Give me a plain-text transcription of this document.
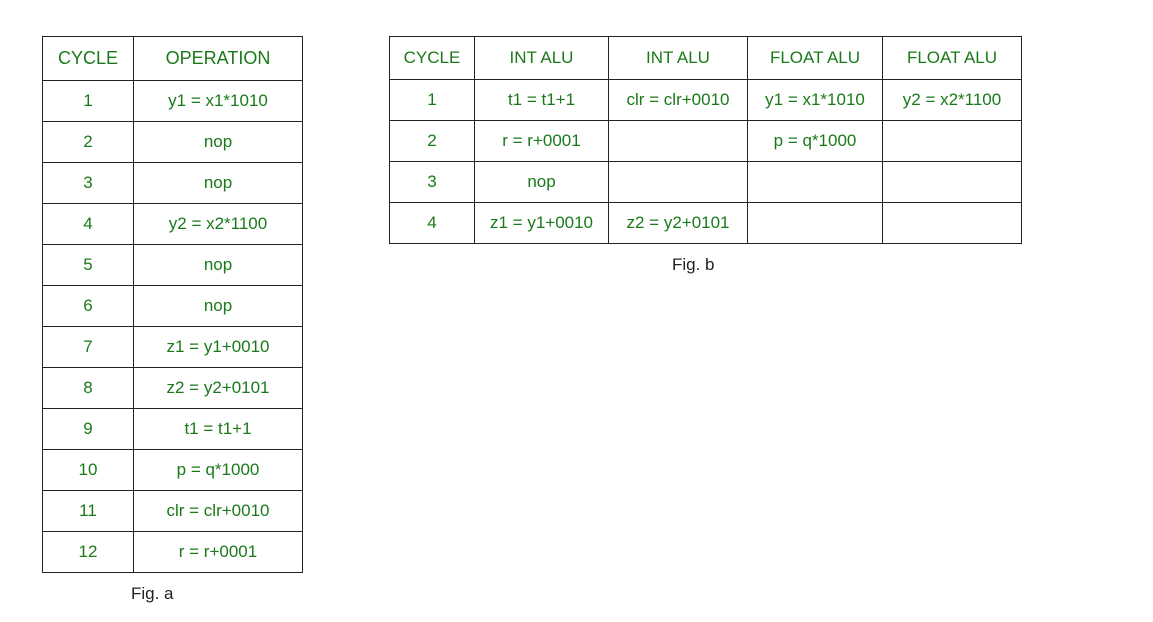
CYCLE	OPERATION
1	y1 = x1*1010
2	nop
3	nop
4	y2 = x2*1100
5	nop
6	nop
7	z1 = y1+0010
8	z2 = y2+0101
9	t1 = t1+1
10	p = q*1000
11	clr = clr+0010
12	r = r+0001
Fig. a
CYCLE	INT ALU	INT ALU	FLOAT ALU	FLOAT ALU
1	t1 = t1+1	clr = clr+0010	y1 = x1*1010	y2 = x2*1100
2	r = r+0001		p = q*1000	
3	nop			
4	z1 = y1+0010	z2 = y2+0101		
Fig. b
